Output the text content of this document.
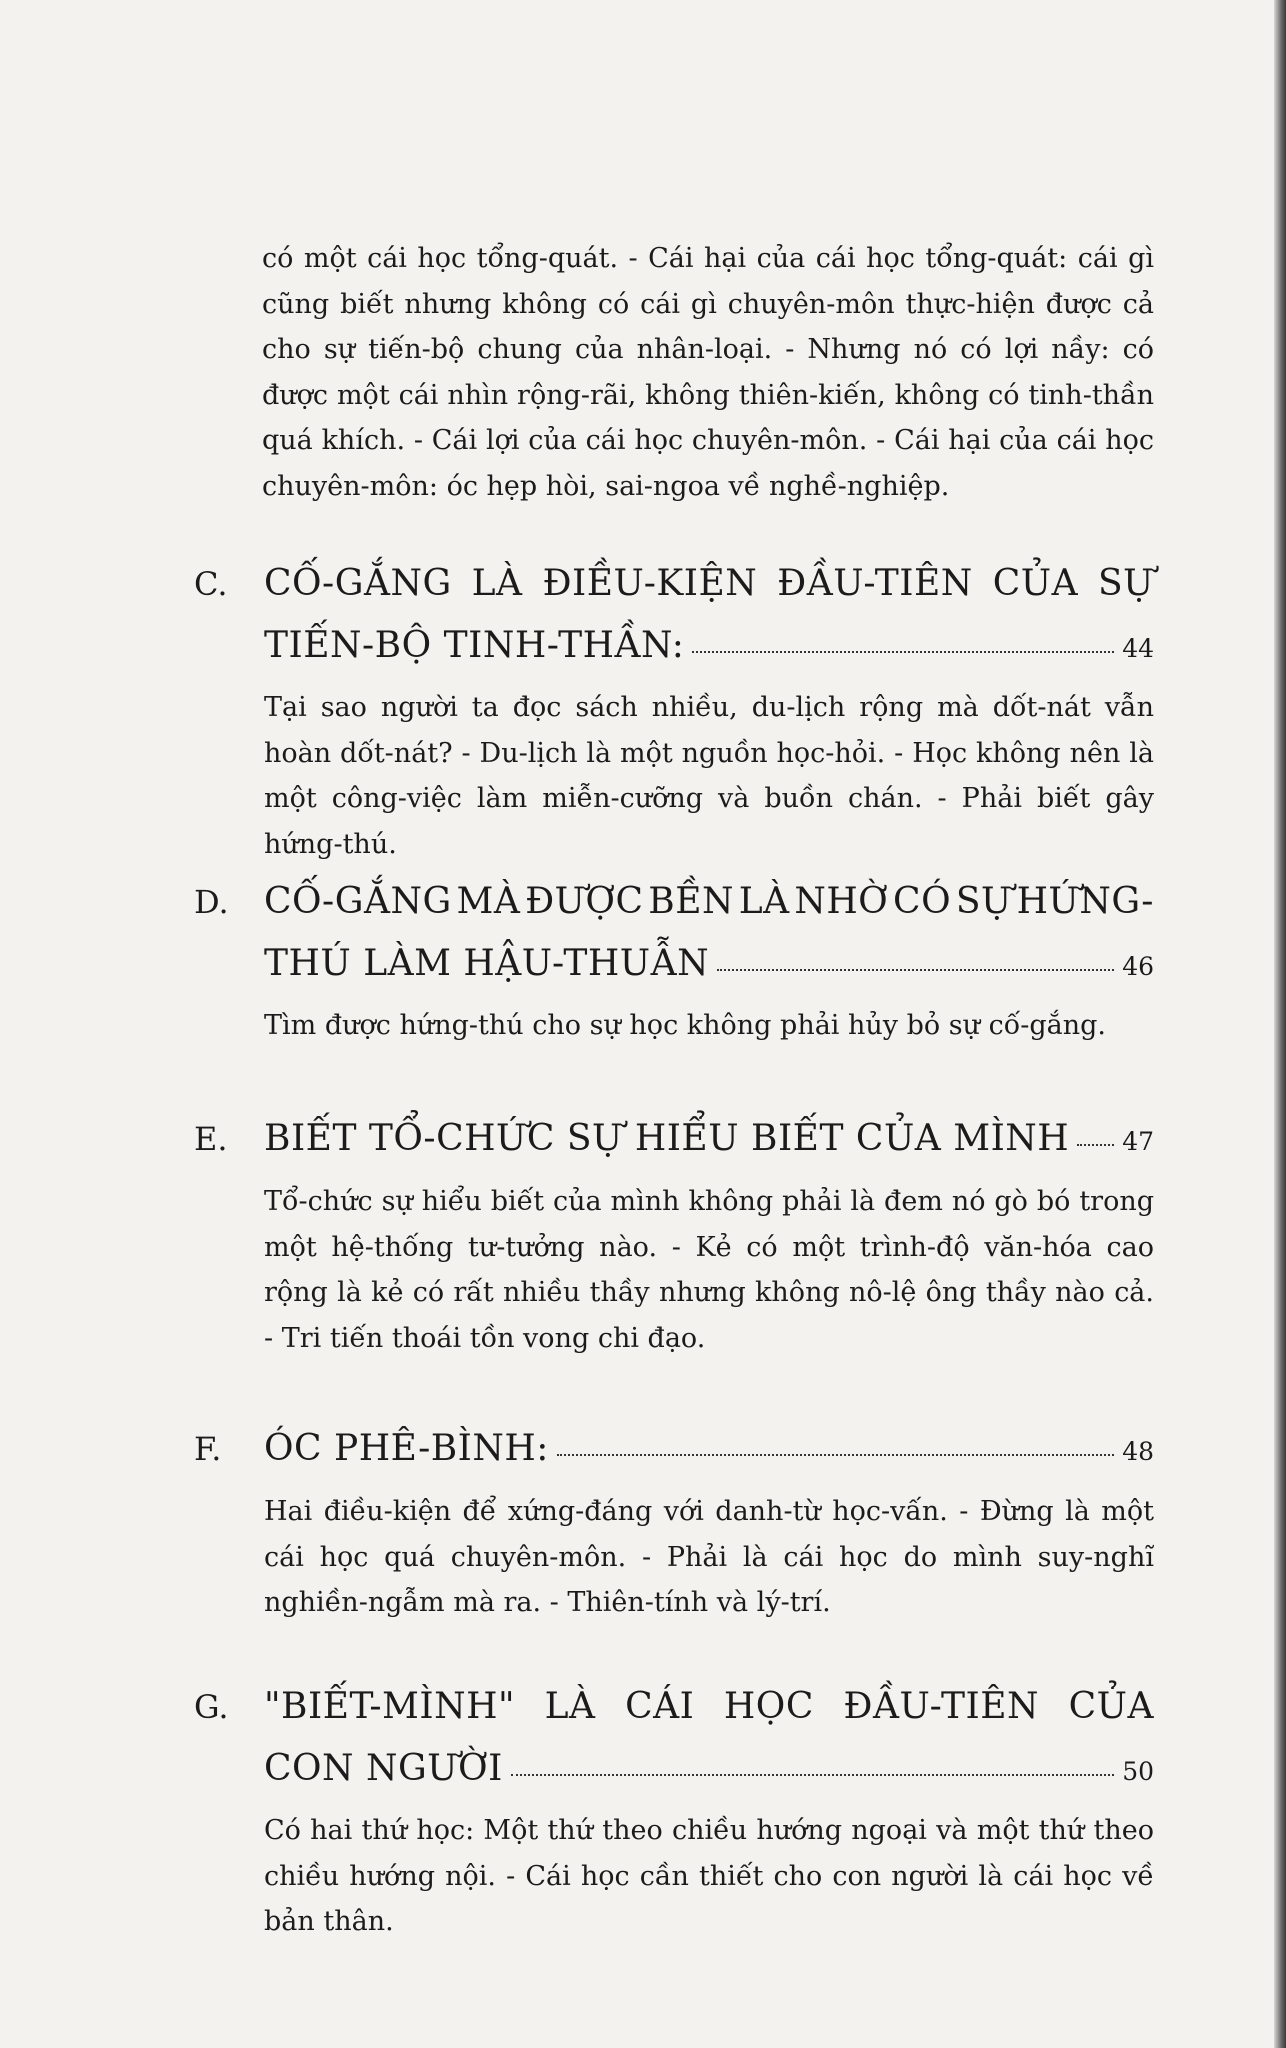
có một cái học tổng-quát. - Cái hại của cái học tổng-quát: cái gì cũng biết nhưng không có cái gì chuyên-môn thực-hiện được cả cho sự tiến-bộ chung của nhân-loại. - Nhưng nó có lợi nầy: có được một cái nhìn rộng-rãi, không thiên-kiến, không có tinh-thần quá khích. - Cái lợi của cái học chuyên-môn. - Cái hại của cái học chuyên-môn: óc hẹp hòi, sai-ngoa về nghề-nghiệp.

C. CỐ-GẮNG LÀ ĐIỀU-KIỆN ĐẦU-TIÊN CỦA SỰ
TIẾN-BỘ TINH-THẦN:	44

Tại sao người ta đọc sách nhiều, du-lịch rộng mà dốt-nát vẫn hoàn dốt-nát? - Du-lịch là một nguồn học-hỏi. - Học không nên là một công-việc làm miễn-cưỡng và buồn chán. - Phải biết gây hứng-thú.

D. CỐ-GẮNG MÀ ĐƯỢC BỀN LÀ NHỜ CÓ SỰ HỨNG-
THÚ LÀM HẬU-THUẪN	46

Tìm được hứng-thú cho sự học không phải hủy bỏ sự cố-gắng.

E. BIẾT TỔ-CHỨC SỰ HIỂU BIẾT CỦA MÌNH 47

Tổ-chức sự hiểu biết của mình không phải là đem nó gò bó trong một hệ-thống tư-tưởng nào. - Kẻ có một trình-độ văn-hóa cao rộng là kẻ có rất nhiều thầy nhưng không nô-lệ ông thầy nào cả. - Tri tiến thoái tồn vong chi đạo.

F. ÓC PHÊ-BÌNH:	48

Hai điều-kiện để xứng-đáng với danh-từ học-vấn. - Đừng là một cái học quá chuyên-môn. - Phải là cái học do mình suy-nghĩ nghiền-ngẫm mà ra. - Thiên-tính và lý-trí.

G. "BIẾT-MÌNH" LÀ CÁI HỌC ĐẦU-TIÊN CỦA
CON NGƯỜI	50

Có hai thứ học: Một thứ theo chiều hướng ngoại và một thứ theo chiều hướng nội. - Cái học cần thiết cho con người là cái học về bản thân.
